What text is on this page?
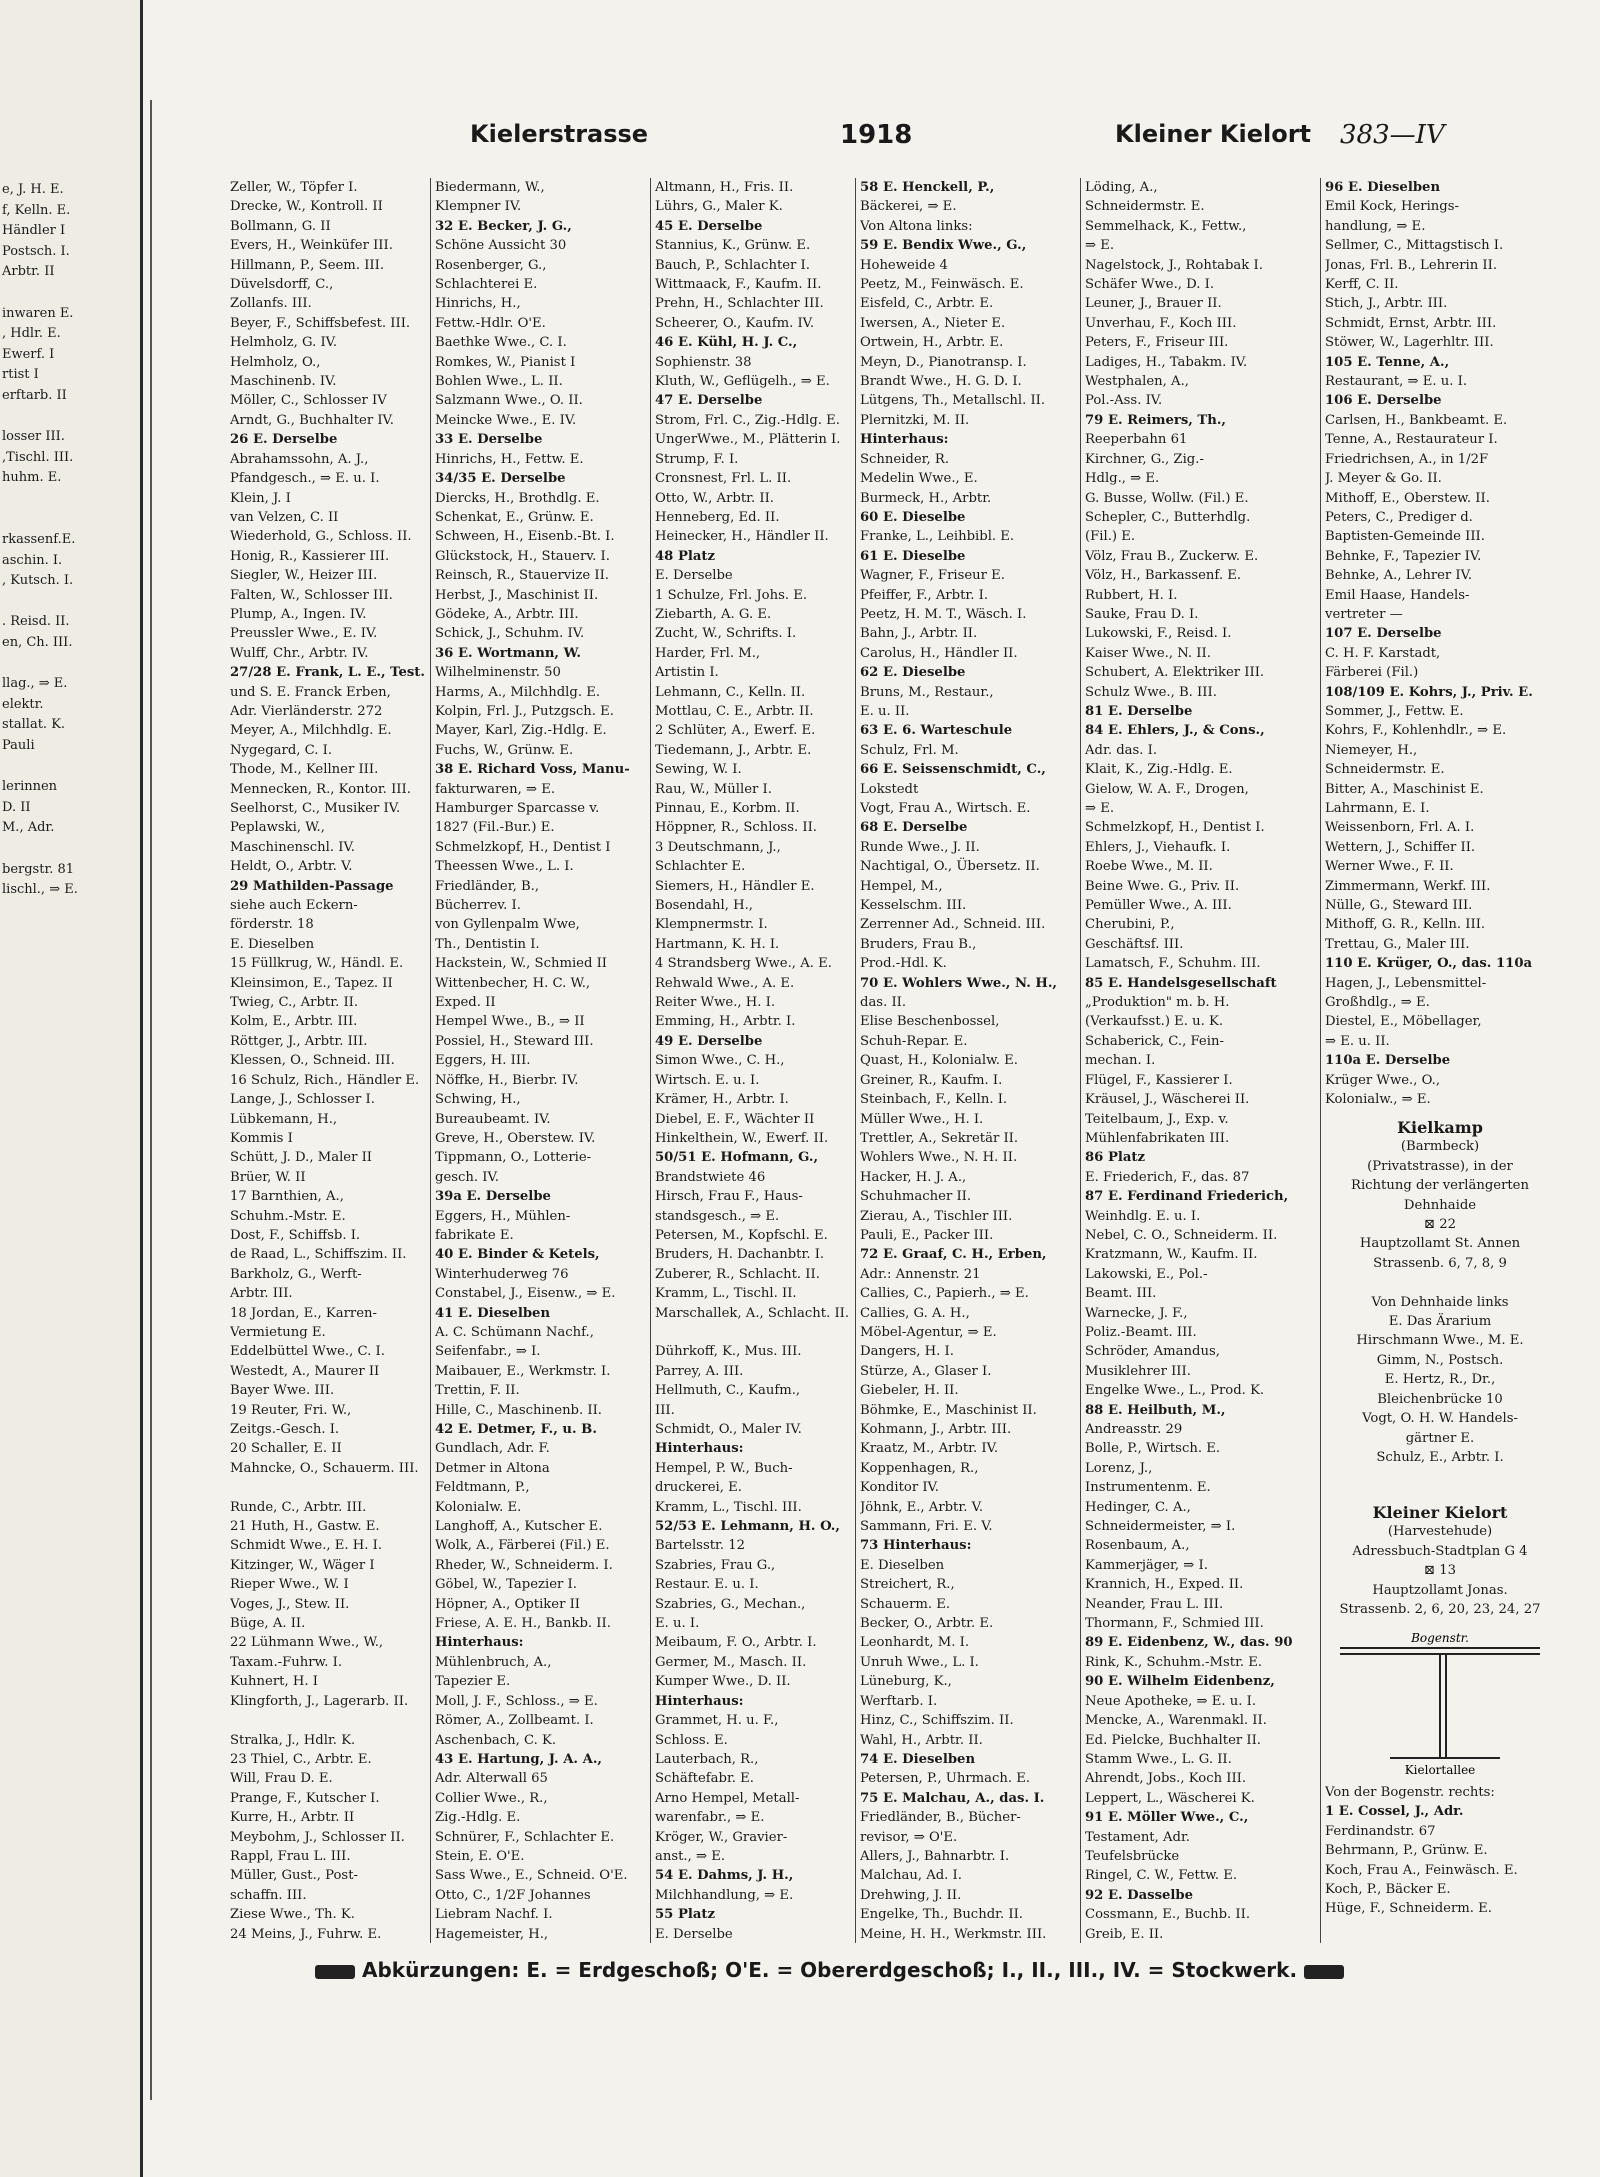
e, J. H. E.
f, Kelln. E.
Händler I
Postsch. I.
Arbtr. II

inwaren E.
, Hdlr. E.
Ewerf. I
rtist I
erftarb. II

losser III.
,Tischl. III.
huhm. E.

rkassenf.E.
aschin. I.
, Kutsch. I.

. Reisd. II.
en, Ch. III.

llag., ⇒ E.
elektr.
stallat. K.
Pauli

lerinnen
D. II
M., Adr.

bergstr. 81
lischl., ⇒ E.
Kielerstrasse	1918	Kleiner Kielort 383—IV
Zeller, W., Töpfer I.
Drecke, W., Kontroll. II
Bollmann, G. II
Evers, H., Weinküfer III.
Hillmann, P., Seem. III.
Düvelsdorff, C.,
Zollanfs. III.
Beyer, F., Schiffsbefest. III.
Helmholz, G. IV.
Helmholz, O.,
Maschinenb. IV.
Möller, C., Schlosser IV
Arndt, G., Buchhalter IV.
26 E. Derselbe
Abrahamssohn, A. J.,
Pfandgesch., ⇒ E. u. I.
Klein, J. I
van Velzen, C. II
Wiederhold, G., Schloss. II.
Honig, R., Kassierer III.
Siegler, W., Heizer III.
Falten, W., Schlosser III.
Plump, A., Ingen. IV.
Preussler Wwe., E. IV.
Wulff, Chr., Arbtr. IV.
27/28 E. Frank, L. E., Test.
und S. E. Franck Erben,
Adr. Vierländerstr. 272
Meyer, A., Milchhdlg. E.
Nygegard, C. I.
Thode, M., Kellner III.
Mennecken, R., Kontor. III.
Seelhorst, C., Musiker IV.
Peplawski, W.,
Maschinenschl. IV.
Heldt, O., Arbtr. V.
29 Mathilden-Passage
siehe auch Eckern-
förderstr. 18
E. Dieselben
15 Füllkrug, W., Händl. E.
Kleinsimon, E., Tapez. II
Twieg, C., Arbtr. II.
Kolm, E., Arbtr. III.
Röttger, J., Arbtr. III.
Klessen, O., Schneid. III.
16 Schulz, Rich., Händler E.
Lange, J., Schlosser I.
Lübkemann, H.,
Kommis I
Schütt, J. D., Maler II
Brüer, W. II
17 Barnthien, A.,
Schuhm.-Mstr. E.
Dost, F., Schiffsb. I.
de Raad, L., Schiffszim. II.
Barkholz, G., Werft-
Arbtr. III.
18 Jordan, E., Karren-
Vermietung E.
Eddelbüttel Wwe., C. I.
Westedt, A., Maurer II
Bayer Wwe. III.
19 Reuter, Fri. W.,
Zeitgs.-Gesch. I.
20 Schaller, E. II
Mahncke, O., Schauerm. III.

Runde, C., Arbtr. III.
21 Huth, H., Gastw. E.
Schmidt Wwe., E. H. I.
Kitzinger, W., Wäger I
Rieper Wwe., W. I
Voges, J., Stew. II.
Büge, A. II.
22 Lühmann Wwe., W.,
Taxam.-Fuhrw. I.
Kuhnert, H. I
Klingforth, J., Lagerarb. II.

Stralka, J., Hdlr. K.
23 Thiel, C., Arbtr. E.
Will, Frau D. E.
Prange, F., Kutscher I.
Kurre, H., Arbtr. II
Meybohm, J., Schlosser II.
Rappl, Frau L. III.
Müller, Gust., Post-
schaffn. III.
Ziese Wwe., Th. K.
24 Meins, J., Fuhrw. E.
Biedermann, W.,
Klempner IV.
32 E. Becker, J. G.,
Schöne Aussicht 30
Rosenberger, G.,
Schlachterei E.
Hinrichs, H.,
Fettw.-Hdlr. O'E.
Baethke Wwe., C. I.
Romkes, W., Pianist I
Bohlen Wwe., L. II.
Salzmann Wwe., O. II.
Meincke Wwe., E. IV.
33 E. Derselbe
Hinrichs, H., Fettw. E.
34/35 E. Derselbe
Diercks, H., Brothdlg. E.
Schenkat, E., Grünw. E.
Schween, H., Eisenb.-Bt. I.
Glückstock, H., Stauerv. I.
Reinsch, R., Stauervize II.
Herbst, J., Maschinist II.
Gödeke, A., Arbtr. III.
Schick, J., Schuhm. IV.
36 E. Wortmann, W.
Wilhelminenstr. 50
Harms, A., Milchhdlg. E.
Kolpin, Frl. J., Putzgsch. E.
Mayer, Karl, Zig.-Hdlg. E.
Fuchs, W., Grünw. E.
38 E. Richard Voss, Manu-
fakturwaren, ⇒ E.
Hamburger Sparcasse v.
1827 (Fil.-Bur.) E.
Schmelzkopf, H., Dentist I
Theessen Wwe., L. I.
Friedländer, B.,
Bücherrev. I.
von Gyllenpalm Wwe,
Th., Dentistin I.
Hackstein, W., Schmied II
Wittenbecher, H. C. W.,
Exped. II
Hempel Wwe., B., ⇒ II
Possiel, H., Steward III.
Eggers, H. III.
Nöffke, H., Bierbr. IV.
Schwing, H.,
Bureaubeamt. IV.
Greve, H., Oberstew. IV.
Tippmann, O., Lotterie-
gesch. IV.
39a E. Derselbe
Eggers, H., Mühlen-
fabrikate E.
40 E. Binder & Ketels,
Winterhuderweg 76
Constabel, J., Eisenw., ⇒ E.
41 E. Dieselben
A. C. Schümann Nachf.,
Seifenfabr., ⇒ I.
Maibauer, E., Werkmstr. I.
Trettin, F. II.
Hille, C., Maschinenb. II.
42 E. Detmer, F., u. B.
Gundlach, Adr. F.
Detmer in Altona
Feldtmann, P.,
Kolonialw. E.
Langhoff, A., Kutscher E.
Wolk, A., Färberei (Fil.) E.
Rheder, W., Schneiderm. I.
Göbel, W., Tapezier I.
Höpner, A., Optiker II
Friese, A. E. H., Bankb. II.
Hinterhaus:
Mühlenbruch, A.,
Tapezier E.
Moll, J. F., Schloss., ⇒ E.
Römer, A., Zollbeamt. I.
Aschenbach, C. K.
43 E. Hartung, J. A. A.,
Adr. Alterwall 65
Collier Wwe., R.,
Zig.-Hdlg. E.
Schnürer, F., Schlachter E.
Stein, E. O'E.
Sass Wwe., E., Schneid. O'E.
Otto, C., 1/2F Johannes
Liebram Nachf. I.
Hagemeister, H.,
Altmann, H., Fris. II.
Lührs, G., Maler K.
45 E. Derselbe
Stannius, K., Grünw. E.
Bauch, P., Schlachter I.
Wittmaack, F., Kaufm. II.
Prehn, H., Schlachter III.
Scheerer, O., Kaufm. IV.
46 E. Kühl, H. J. C.,
Sophienstr. 38
Kluth, W., Geflügelh., ⇒ E.
47 E. Derselbe
Strom, Frl. C., Zig.-Hdlg. E.
UngerWwe., M., Plätterin I.
Strump, F. I.
Cronsnest, Frl. L. II.
Otto, W., Arbtr. II.
Henneberg, Ed. II.
Heinecker, H., Händler II.
48 Platz
E. Derselbe
1 Schulze, Frl. Johs. E.
Ziebarth, A. G. E.
Zucht, W., Schrifts. I.
Harder, Frl. M.,
Artistin I.
Lehmann, C., Kelln. II.
Mottlau, C. E., Arbtr. II.
2 Schlüter, A., Ewerf. E.
Tiedemann, J., Arbtr. E.
Sewing, W. I.
Rau, W., Müller I.
Pinnau, E., Korbm. II.
Höppner, R., Schloss. II.
3 Deutschmann, J.,
Schlachter E.
Siemers, H., Händler E.
Bosendahl, H.,
Klempnermstr. I.
Hartmann, K. H. I.
4 Strandsberg Wwe., A. E.
Rehwald Wwe., A. E.
Reiter Wwe., H. I.
Emming, H., Arbtr. I.
49 E. Derselbe
Simon Wwe., C. H.,
Wirtsch. E. u. I.
Krämer, H., Arbtr. I.
Diebel, E. F., Wächter II
Hinkelthein, W., Ewerf. II.
50/51 E. Hofmann, G.,
Brandstwiete 46
Hirsch, Frau F., Haus-
standsgesch., ⇒ E.
Petersen, M., Kopfschl. E.
Bruders, H. Dachanbtr. I.
Zuberer, R., Schlacht. II.
Kramm, L., Tischl. II.
Marschallek, A., Schlacht. II.

Dührkoff, K., Mus. III.
Parrey, A. III.
Hellmuth, C., Kaufm.,
III.
Schmidt, O., Maler IV.
Hinterhaus:
Hempel, P. W., Buch-
druckerei, E.
Kramm, L., Tischl. III.
52/53 E. Lehmann, H. O.,
Bartelsstr. 12
Szabries, Frau G.,
Restaur. E. u. I.
Szabries, G., Mechan.,
E. u. I.
Meibaum, F. O., Arbtr. I.
Germer, M., Masch. II.
Kumper Wwe., D. II.
Hinterhaus:
Grammet, H. u. F.,
Schloss. E.
Lauterbach, R.,
Schäftefabr. E.
Arno Hempel, Metall-
warenfabr., ⇒ E.
Kröger, W., Gravier-
anst., ⇒ E.
54 E. Dahms, J. H.,
Milchhandlung, ⇒ E.
55 Platz
E. Derselbe
58 E. Henckell, P.,
Bäckerei, ⇒ E.
Von Altona links:
59 E. Bendix Wwe., G.,
Hoheweide 4
Peetz, M., Feinwäsch. E.
Eisfeld, C., Arbtr. E.
Iwersen, A., Nieter E.
Ortwein, H., Arbtr. E.
Meyn, D., Pianotransp. I.
Brandt Wwe., H. G. D. I.
Lütgens, Th., Metallschl. II.
Plernitzki, M. II.
Hinterhaus:
Schneider, R.
Medelin Wwe., E.
Burmeck, H., Arbtr.
60 E. Dieselbe
Franke, L., Leihbibl. E.
61 E. Dieselbe
Wagner, F., Friseur E.
Pfeiffer, F., Arbtr. I.
Peetz, H. M. T., Wäsch. I.
Bahn, J., Arbtr. II.
Carolus, H., Händler II.
62 E. Dieselbe
Bruns, M., Restaur.,
E. u. II.
63 E. 6. Warteschule
Schulz, Frl. M.
66 E. Seissenschmidt, C.,
Lokstedt
Vogt, Frau A., Wirtsch. E.
68 E. Derselbe
Runde Wwe., J. II.
Nachtigal, O., Übersetz. II.
Hempel, M.,
Kesselschm. III.
Zerrenner Ad., Schneid. III.
Bruders, Frau B.,
Prod.-Hdl. K.
70 E. Wohlers Wwe., N. H.,
das. II.
Elise Beschenbossel,
Schuh-Repar. E.
Quast, H., Kolonialw. E.
Greiner, R., Kaufm. I.
Steinbach, F., Kelln. I.
Müller Wwe., H. I.
Trettler, A., Sekretär II.
Wohlers Wwe., N. H. II.
Hacker, H. J. A.,
Schuhmacher II.
Zierau, A., Tischler III.
Pauli, E., Packer III.
72 E. Graaf, C. H., Erben,
Adr.: Annenstr. 21
Callies, C., Papierh., ⇒ E.
Callies, G. A. H.,
Möbel-Agentur, ⇒ E.
Dangers, H. I.
Stürze, A., Glaser I.
Giebeler, H. II.
Böhmke, E., Maschinist II.
Kohmann, J., Arbtr. III.
Kraatz, M., Arbtr. IV.
Koppenhagen, R.,
Konditor IV.
Jöhnk, E., Arbtr. V.
Sammann, Fri. E. V.
73 Hinterhaus:
E. Dieselben
Streichert, R.,
Schauerm. E.
Becker, O., Arbtr. E.
Leonhardt, M. I.
Unruh Wwe., L. I.
Lüneburg, K.,
Werftarb. I.
Hinz, C., Schiffszim. II.
Wahl, H., Arbtr. II.
74 E. Dieselben
Petersen, P., Uhrmach. E.
75 E. Malchau, A., das. I.
Friedländer, B., Bücher-
revisor, ⇒ O'E.
Allers, J., Bahnarbtr. I.
Malchau, Ad. I.
Drehwing, J. II.
Engelke, Th., Buchdr. II.
Meine, H. H., Werkmstr. III.
Löding, A.,
Schneidermstr. E.
Semmelhack, K., Fettw.,
⇒ E.
Nagelstock, J., Rohtabak I.
Schäfer Wwe., D. I.
Leuner, J., Brauer II.
Unverhau, F., Koch III.
Peters, F., Friseur III.
Ladiges, H., Tabakm. IV.
Westphalen, A.,
Pol.-Ass. IV.
79 E. Reimers, Th.,
Reeperbahn 61
Kirchner, G., Zig.-
Hdlg., ⇒ E.
G. Busse, Wollw. (Fil.) E.
Schepler, C., Butterhdlg.
(Fil.) E.
Völz, Frau B., Zuckerw. E.
Völz, H., Barkassenf. E.
Rubbert, H. I.
Sauke, Frau D. I.
Lukowski, F., Reisd. I.
Kaiser Wwe., N. II.
Schubert, A. Elektriker III.
Schulz Wwe., B. III.
81 E. Derselbe
84 E. Ehlers, J., & Cons.,
Adr. das. I.
Klait, K., Zig.-Hdlg. E.
Gielow, W. A. F., Drogen,
⇒ E.
Schmelzkopf, H., Dentist I.
Ehlers, J., Viehaufk. I.
Roebe Wwe., M. II.
Beine Wwe. G., Priv. II.
Pemüller Wwe., A. III.
Cherubini, P.,
Geschäftsf. III.
Lamatsch, F., Schuhm. III.
85 E. Handelsgesellschaft
„Produktion" m. b. H.
(Verkaufsst.) E. u. K.
Schaberick, C., Fein-
mechan. I.
Flügel, F., Kassierer I.
Kräusel, J., Wäscherei II.
Teitelbaum, J., Exp. v.
Mühlenfabrikaten III.
86 Platz
E. Friederich, F., das. 87
87 E. Ferdinand Friederich,
Weinhdlg. E. u. I.
Nebel, C. O., Schneiderm. II.
Kratzmann, W., Kaufm. II.
Lakowski, E., Pol.-
Beamt. III.
Warnecke, J. F.,
Poliz.-Beamt. III.
Schröder, Amandus,
Musiklehrer III.
Engelke Wwe., L., Prod. K.
88 E. Heilbuth, M.,
Andreasstr. 29
Bolle, P., Wirtsch. E.
Lorenz, J.,
Instrumentenm. E.
Hedinger, C. A.,
Schneidermeister, ⇒ I.
Rosenbaum, A.,
Kammerjäger, ⇒ I.
Krannich, H., Exped. II.
Neander, Frau L. III.
Thormann, F., Schmied III.
89 E. Eidenbenz, W., das. 90
Rink, K., Schuhm.-Mstr. E.
90 E. Wilhelm Eidenbenz,
Neue Apotheke, ⇒ E. u. I.
Mencke, A., Warenmakl. II.
Ed. Pielcke, Buchhalter II.
Stamm Wwe., L. G. II.
Ahrendt, Jobs., Koch III.
Leppert, L., Wäscherei K.
91 E. Möller Wwe., C.,
Testament, Adr.
Teufelsbrücke
Ringel, C. W., Fettw. E.
92 E. Dasselbe
Cossmann, E., Buchb. II.
Greib, E. II.
96 E. Dieselben
Emil Kock, Herings-
handlung, ⇒ E.
Sellmer, C., Mittagstisch I.
Jonas, Frl. B., Lehrerin II.
Kerff, C. II.
Stich, J., Arbtr. III.
Schmidt, Ernst, Arbtr. III.
Stöwer, W., Lagerhltr. III.
105 E. Tenne, A.,
Restaurant, ⇒ E. u. I.
106 E. Derselbe
Carlsen, H., Bankbeamt. E.
Tenne, A., Restaurateur I.
Friedrichsen, A., in 1/2F
J. Meyer & Go. II.
Mithoff, E., Oberstew. II.
Peters, C., Prediger d.
Baptisten-Gemeinde III.
Behnke, F., Tapezier IV.
Behnke, A., Lehrer IV.
Emil Haase, Handels-
vertreter —
107 E. Derselbe
C. H. F. Karstadt,
Färberei (Fil.)
108/109 E. Kohrs, J., Priv. E.
Sommer, J., Fettw. E.
Kohrs, F., Kohlenhdlr., ⇒ E.
Niemeyer, H.,
Schneidermstr. E.
Bitter, A., Maschinist E.
Lahrmann, E. I.
Weissenborn, Frl. A. I.
Wettern, J., Schiffer II.
Werner Wwe., F. II.
Zimmermann, Werkf. III.
Nülle, G., Steward III.
Mithoff, G. R., Kelln. III.
Trettau, G., Maler III.
110 E. Krüger, O., das. 110a
Hagen, J., Lebensmittel-
Großhdlg., ⇒ E.
Diestel, E., Möbellager,
⇒ E. u. II.
110a E. Derselbe
Krüger Wwe., O.,
Kolonialw., ⇒ E.
Kielkamp
(Barmbeck)
(Privatstrasse), in der
Richtung der verlängerten
Dehnhaide
⊠ 22
Hauptzollamt St. Annen
Strassenb. 6, 7, 8, 9

Von Dehnhaide links
E. Das Ärarium
Hirschmann Wwe., M. E.
Gimm, N., Postsch.
E. Hertz, R., Dr.,
Bleichenbrücke 10
Vogt, O. H. W. Handels-
gärtner E.
Schulz, E., Arbtr. I.
Kleiner Kielort
(Harvestehude)
Adressbuch-Stadtplan G 4
⊠ 13
Hauptzollamt Jonas.
Strassenb. 2, 6, 20, 23, 24, 27
Bogenstr.
Kielortallee
Von der Bogenstr. rechts:
1 E. Cossel, J., Adr.
Ferdinandstr. 67
Behrmann, P., Grünw. E.
Koch, Frau A., Feinwäsch. E.
Koch, P., Bäcker E.
Hüge, F., Schneiderm. E.
Abkürzungen: E. = Erdgeschoß; O'E. = Obererdgeschoß; I., II., III., IV. = Stockwerk.
